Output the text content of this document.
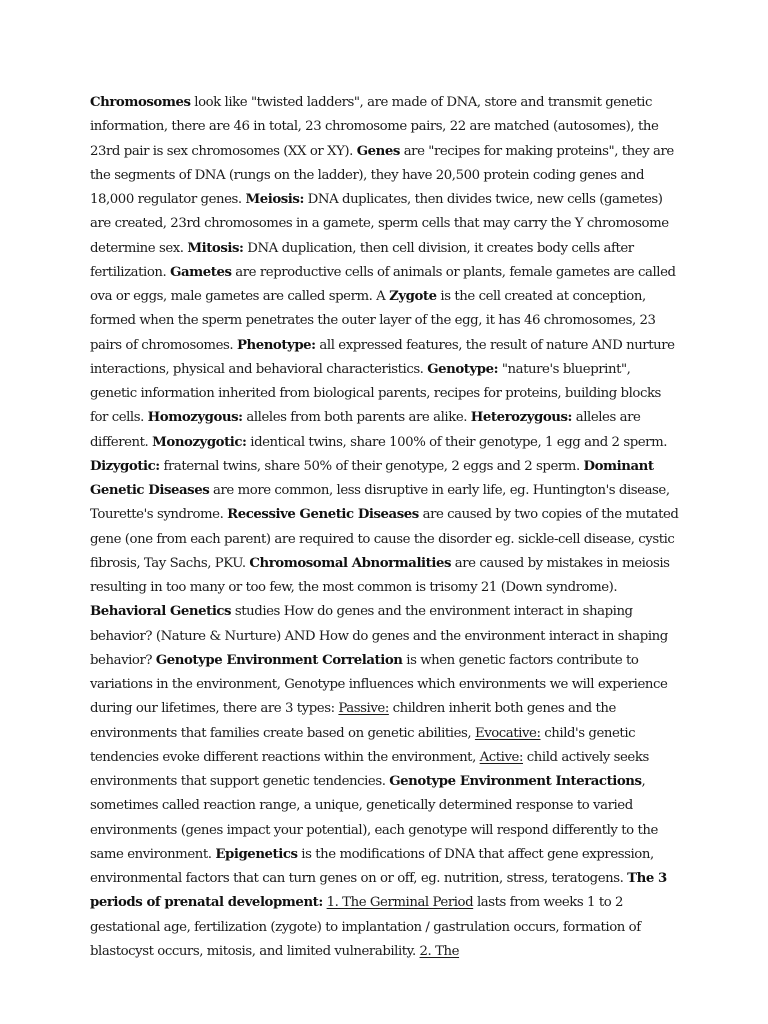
Chromosomes look like "twisted ladders", are made of DNA, store and transmit genetic information, there are 46 in total, 23 chromosome pairs, 22 are matched (autosomes), the 23rd pair is sex chromosomes (XX or XY). Genes are "recipes for making proteins", they are the segments of DNA (rungs on the ladder), they have 20,500 protein coding genes and 18,000 regulator genes. Meiosis: DNA duplicates, then divides twice, new cells (gametes) are created, 23rd chromosomes in a gamete, sperm cells that may carry the Y chromosome determine sex. Mitosis: DNA duplication, then cell division, it creates body cells after fertilization. Gametes are reproductive cells of animals or plants, female gametes are called ova or eggs, male gametes are called sperm. A Zygote is the cell created at conception, formed when the sperm penetrates the outer layer of the egg, it has 46 chromosomes, 23 pairs of chromosomes. Phenotype: all expressed features, the result of nature AND nurture interactions, physical and behavioral characteristics. Genotype: "nature's blueprint", genetic information inherited from biological parents, recipes for proteins, building blocks for cells. Homozygous: alleles from both parents are alike. Heterozygous: alleles are different. Monozygotic: identical twins, share 100% of their genotype, 1 egg and 2 sperm. Dizygotic: fraternal twins, share 50% of their genotype, 2 eggs and 2 sperm. Dominant Genetic Diseases are more common, less disruptive in early life, eg. Huntington's disease, Tourette's syndrome. Recessive Genetic Diseases are caused by two copies of the mutated gene (one from each parent) are required to cause the disorder eg. sickle-cell disease, cystic fibrosis, Tay Sachs, PKU. Chromosomal Abnormalities are caused by mistakes in meiosis resulting in too many or too few, the most common is trisomy 21 (Down syndrome). Behavioral Genetics studies How do genes and the environment interact in shaping behavior? (Nature & Nurture) AND How do genes and the environment interact in shaping behavior? Genotype Environment Correlation is when genetic factors contribute to variations in the environment, Genotype influences which environments we will experience during our lifetimes, there are 3 types: Passive: children inherit both genes and the environments that families create based on genetic abilities, Evocative: child's genetic tendencies evoke different reactions within the environment, Active: child actively seeks environments that support genetic tendencies. Genotype Environment Interactions, sometimes called reaction range, a unique, genetically determined response to varied environments (genes impact your potential), each genotype will respond differently to the same environment. Epigenetics is the modifications of DNA that affect gene expression, environmental factors that can turn genes on or off, eg. nutrition, stress, teratogens. The 3 periods of prenatal development: 1. The Germinal Period lasts from weeks 1 to 2 gestational age, fertilization (zygote) to implantation / gastrulation occurs, formation of blastocyst occurs, mitosis, and limited vulnerability. 2. The
